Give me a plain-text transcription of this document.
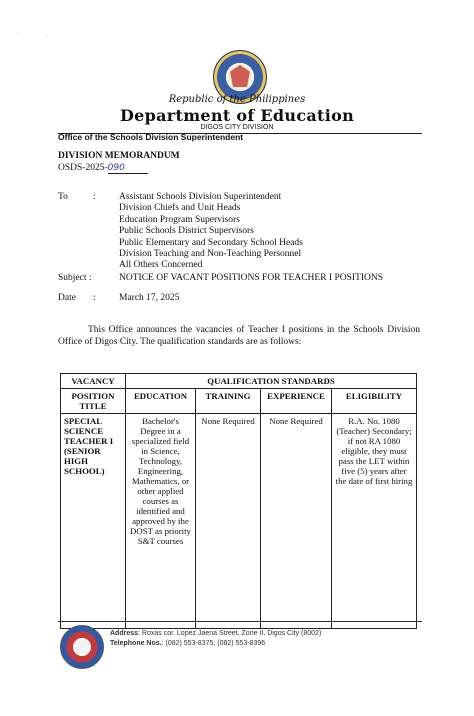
·
·
Republic of the Philippines
Department of Education
DIGOS CITY DIVISION
Office of the Schools Division Superintendent
DIVISION MEMORANDUM
OSDS-2025-090
To	: Assistant Schools Division Superintendent
Division Chiefs and Unit Heads
Education Program Supervisors
Public Schools District Supervisors
Public Elementary and Secondary School Heads
Division Teaching and Non-Teaching Personnel
All Others Concerned
Subject :	NOTICE OF VACANT POSITIONS FOR TEACHER I POSITIONS
Date : March 17, 2025
This Office announces the vacancies of Teacher I positions in the Schools Division Office of Digos City. The qualification standards are as follows:
VACANCY	QUALIFICATION STANDARDS			
POSITION TITLE	EDUCATION	TRAINING	EXPERIENCE	ELIGIBILITY
SPECIAL SCIENCE TEACHER I (SENIOR HIGH SCHOOL)	Bachelor's Degree in a specialized field in Science, Technology, Engineering, Mathematics, or other applied courses as identified and approved by the DOST as priority S&T courses	None Required	None Required	R.A. No. 1080 (Teacher) Secondary; if not RA 1080 eligible, they must pass the LET within five (5) years after the date of first hiring
Address: Roxas cor. Lopez Jaena Street, Zone II, Digos City (8002)
Telephone Nos.: (082) 553-8375; (082) 553-8396
